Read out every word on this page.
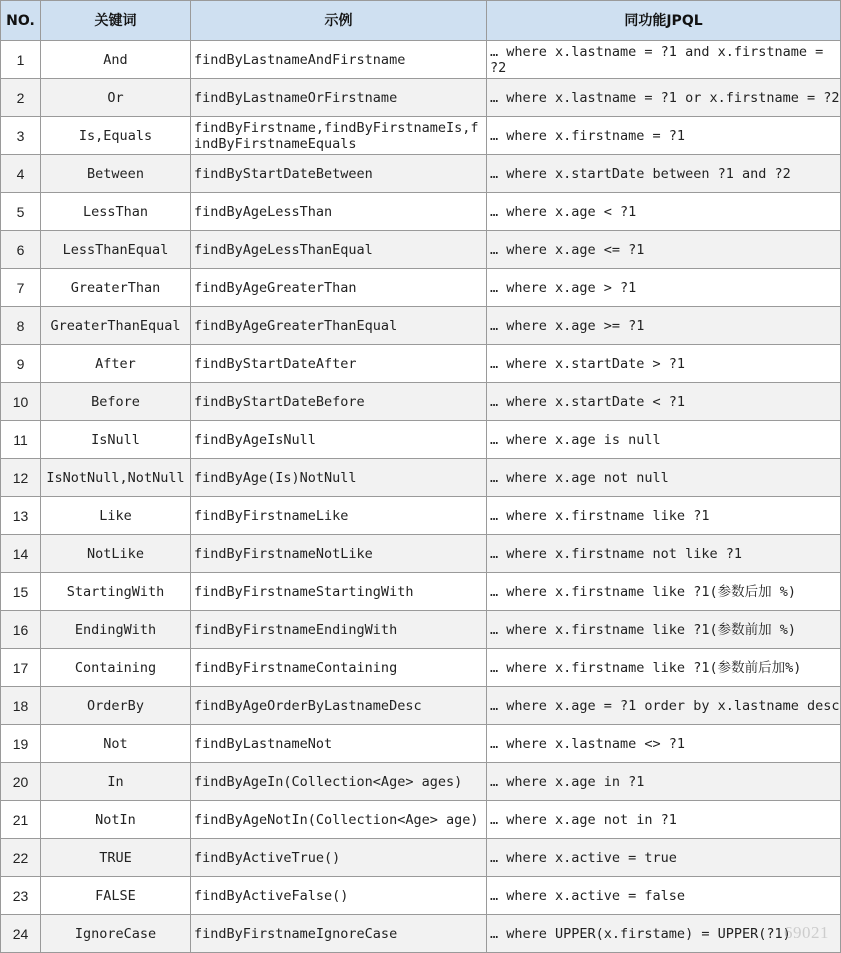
NO.	关键词	示例	同功能JPQL
1	And	findByLastnameAndFirstname	… where x.lastname = ?1 and x.firstname = ?2
2	Or	findByLastnameOrFirstname	… where x.lastname = ?1 or x.firstname = ?2
3	Is,Equals	findByFirstname,findByFirstnameIs,findByFirstnameEquals	… where x.firstname = ?1
4	Between	findByStartDateBetween	… where x.startDate between ?1 and ?2
5	LessThan	findByAgeLessThan	… where x.age < ?1
6	LessThanEqual	findByAgeLessThanEqual	… where x.age <= ?1
7	GreaterThan	findByAgeGreaterThan	… where x.age > ?1
8	GreaterThanEqual	findByAgeGreaterThanEqual	… where x.age >= ?1
9	After	findByStartDateAfter	… where x.startDate > ?1
10	Before	findByStartDateBefore	… where x.startDate < ?1
11	IsNull	findByAgeIsNull	… where x.age is null
12	IsNotNull,NotNull	findByAge(Is)NotNull	… where x.age not null
13	Like	findByFirstnameLike	… where x.firstname like ?1
14	NotLike	findByFirstnameNotLike	… where x.firstname not like ?1
15	StartingWith	findByFirstnameStartingWith	… where x.firstname like ?1(参数后加 %)
16	EndingWith	findByFirstnameEndingWith	… where x.firstname like ?1(参数前加 %)
17	Containing	findByFirstnameContaining	… where x.firstname like ?1(参数前后加%)
18	OrderBy	findByAgeOrderByLastnameDesc	… where x.age = ?1 order by x.lastname desc
19	Not	findByLastnameNot	… where x.lastname <> ?1
20	In	findByAgeIn(Collection<Age> ages)	… where x.age in ?1
21	NotIn	findByAgeNotIn(Collection<Age> age)	… where x.age not in ?1
22	TRUE	findByActiveTrue()	… where x.active = true
23	FALSE	findByActiveFalse()	… where x.active = false
24	IgnoreCase	findByFirstnameIgnoreCase	… where UPPER(x.firstame) = UPPER(?1)
69021
